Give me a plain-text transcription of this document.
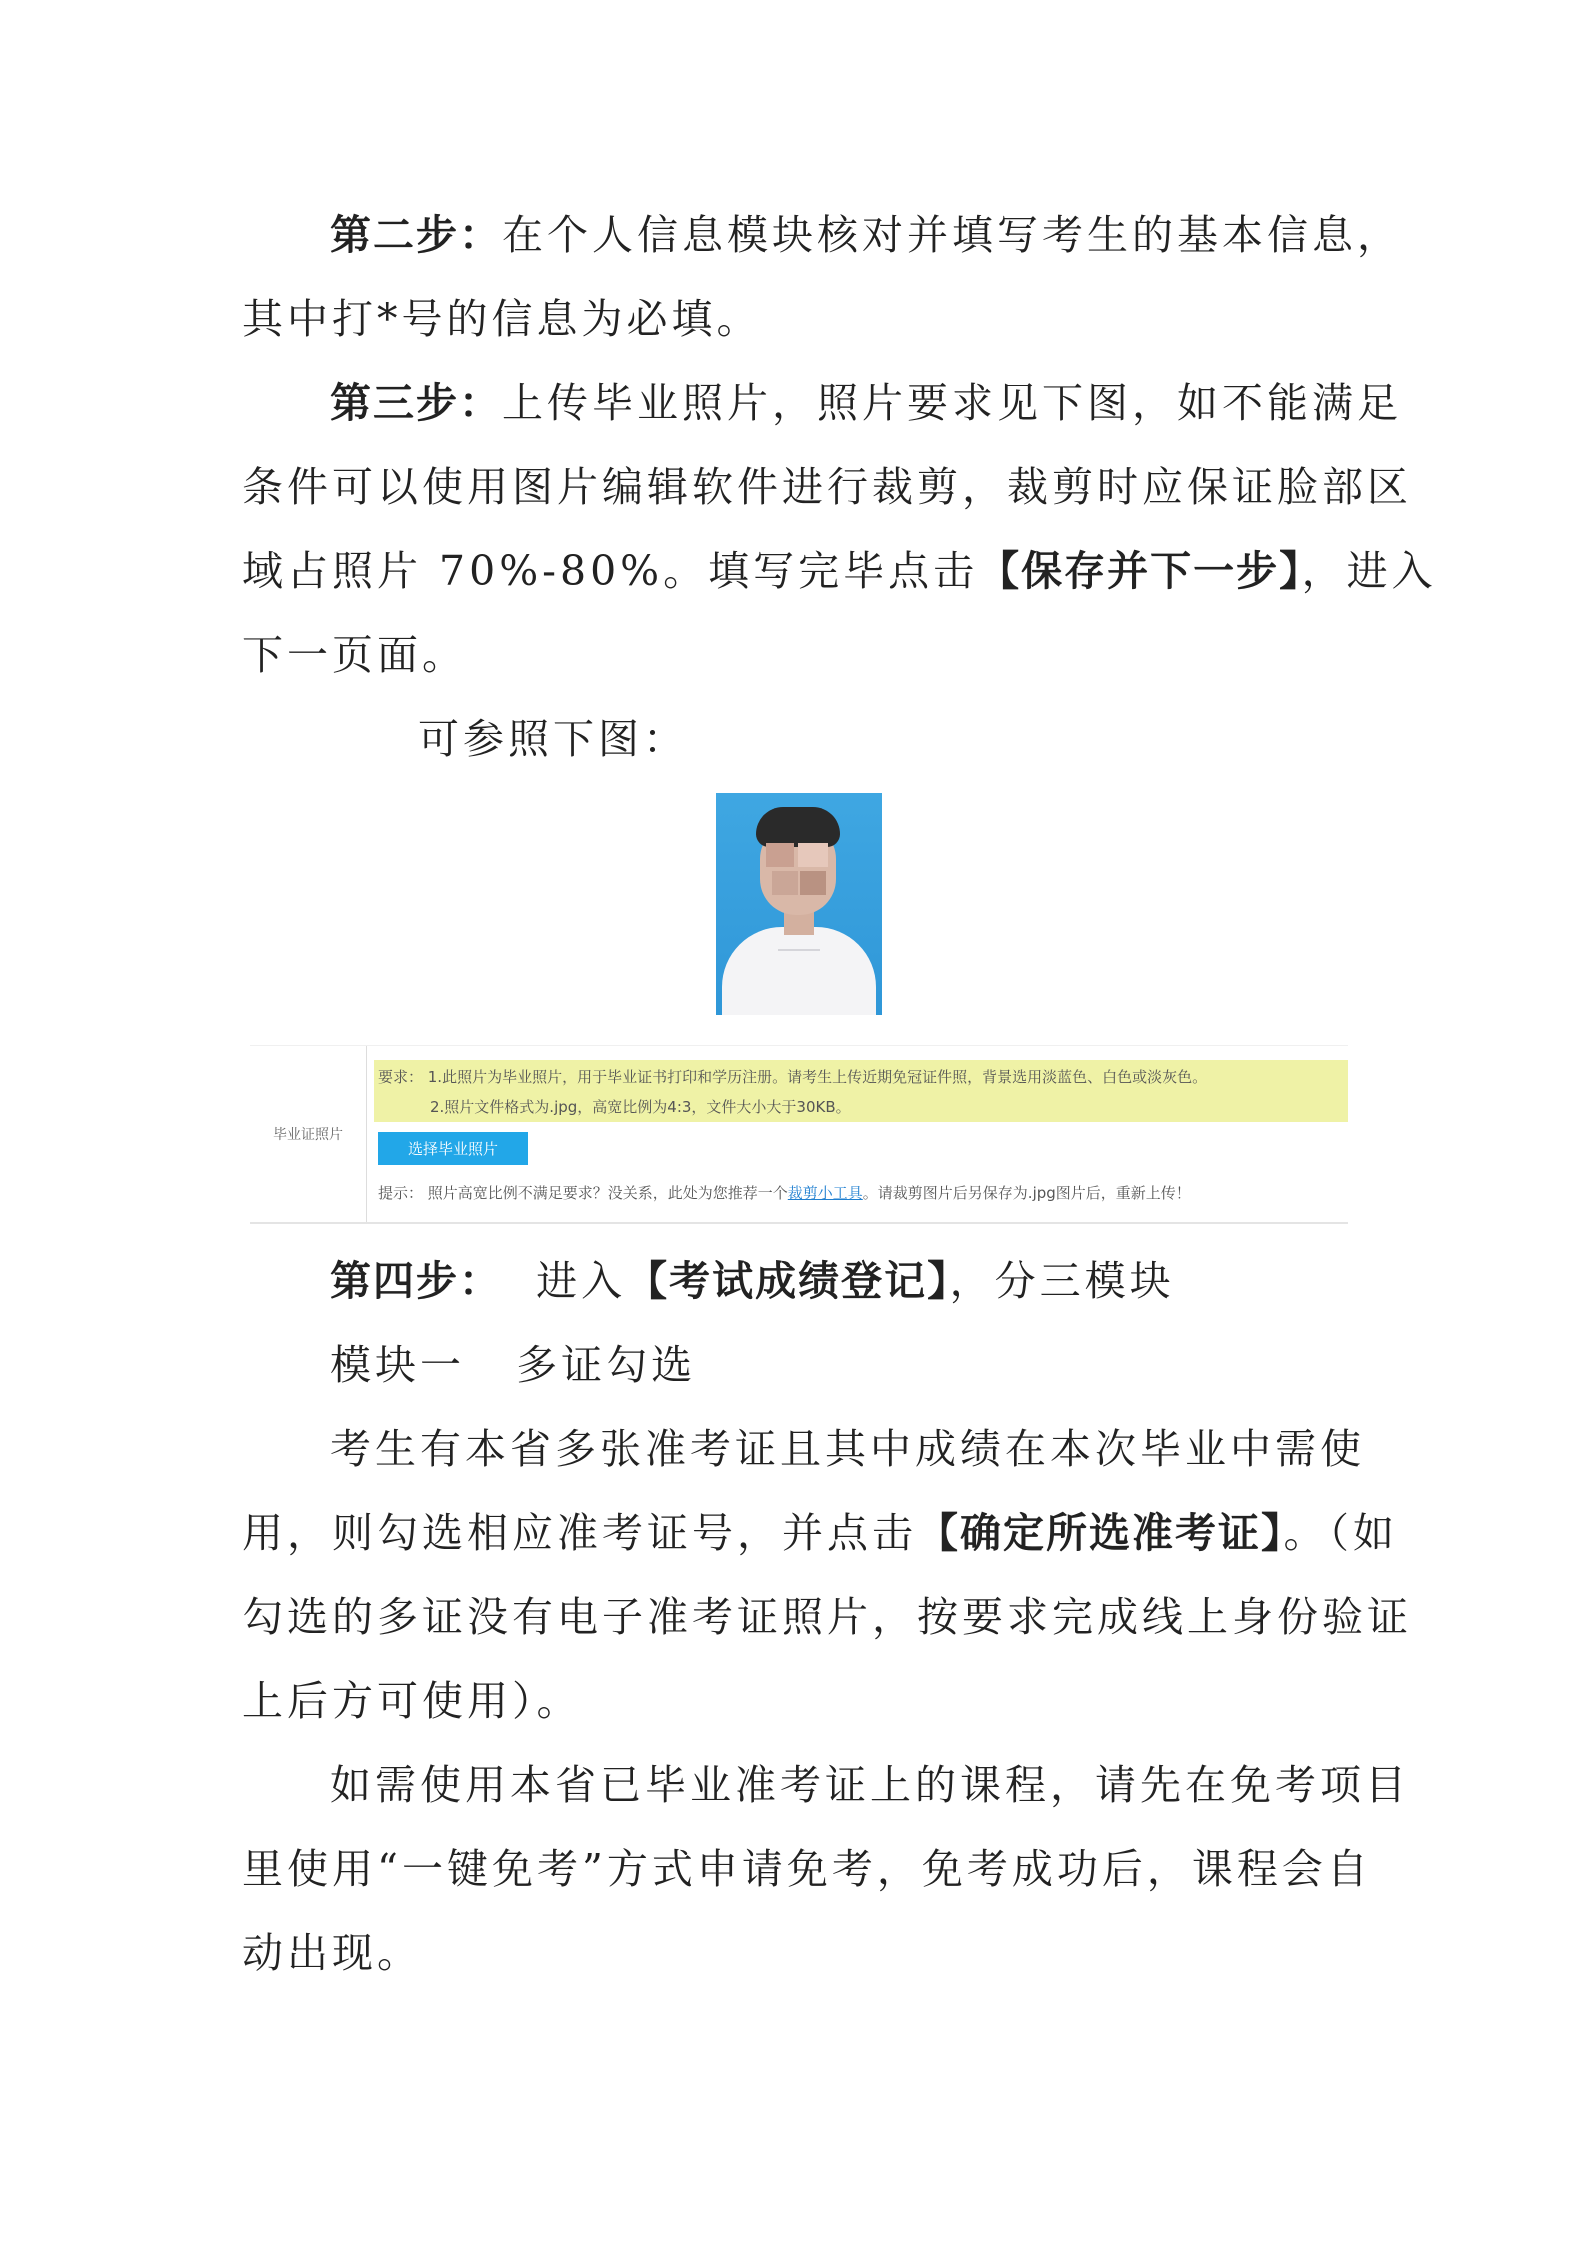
第二步：在个人信息模块核对并填写考生的基本信息，
其中打*号的信息为必填。
第三步：上传毕业照片，照片要求见下图，如不能满足
条件可以使用图片编辑软件进行裁剪，裁剪时应保证脸部区
域占照片 70%-80%。填写完毕点击【保存并下一步】，进入
下一页面。
可参照下图：
毕业证照片
要求： 1.此照片为毕业照片，用于毕业证书打印和学历注册。请考生上传近期免冠证件照，背景选用淡蓝色、白色或淡灰色。
2.照片文件格式为.jpg，高宽比例为4:3，文件大小大于30KB。
选择毕业照片
提示： 照片高宽比例不满足要求？没关系，此处为您推荐一个裁剪小工具。请裁剪图片后另保存为.jpg图片后，重新上传！
第四步：  进入【考试成绩登记】，分三模块
模块一   多证勾选
考生有本省多张准考证且其中成绩在本次毕业中需使
用，则勾选相应准考证号，并点击【确定所选准考证】。（如
勾选的多证没有电子准考证照片，按要求完成线上身份验证
上后方可使用）。
如需使用本省已毕业准考证上的课程，请先在免考项目
里使用“一键免考”方式申请免考，免考成功后，课程会自
动出现。
